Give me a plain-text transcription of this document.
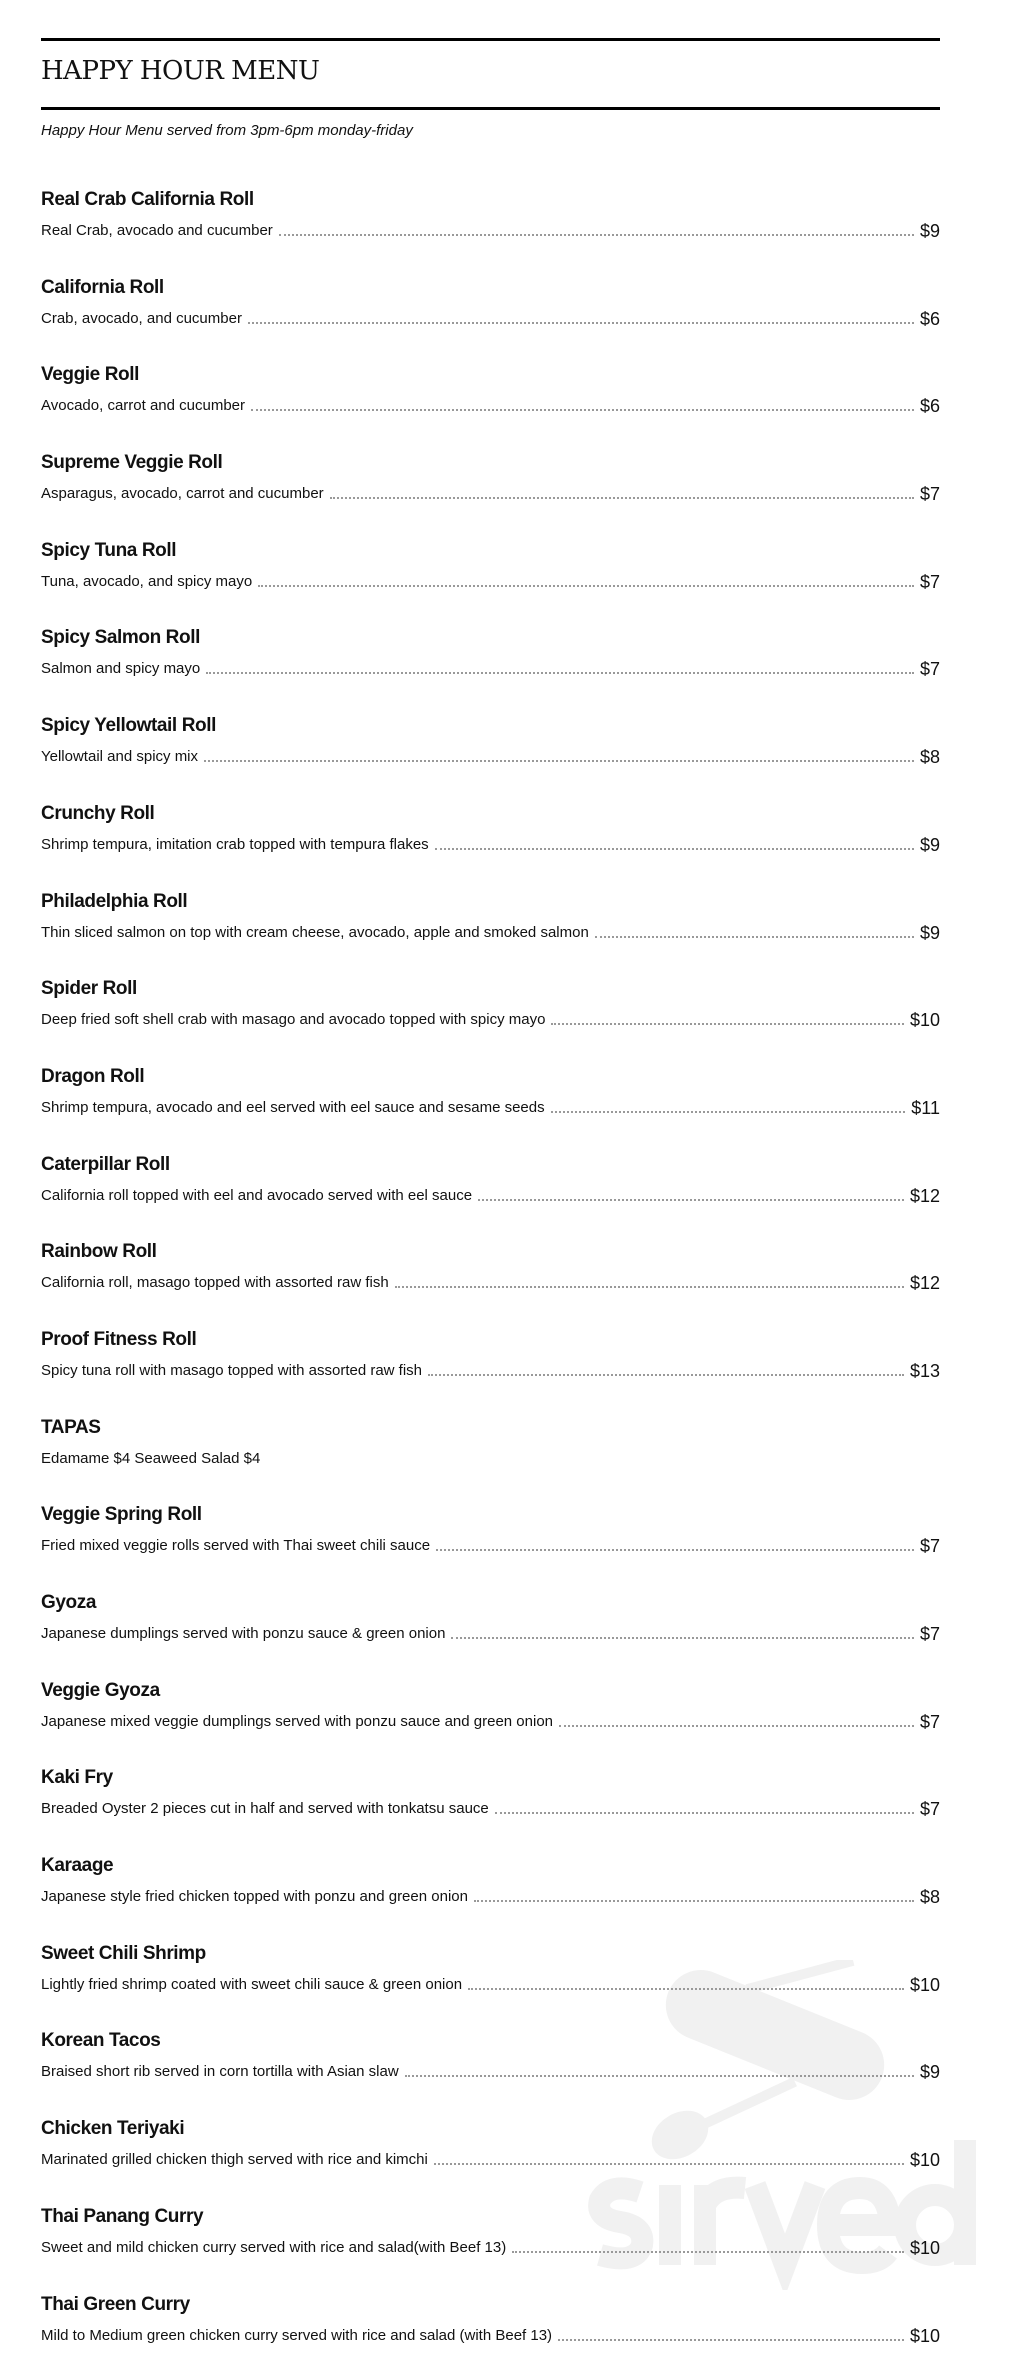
HAPPY HOUR MENU
Happy Hour Menu served from 3pm-6pm monday-friday
Real Crab California Roll
Real Crab, avocado and cucumber	$9
California Roll
Crab, avocado, and cucumber	$6
Veggie Roll
Avocado, carrot and cucumber	$6
Supreme Veggie Roll
Asparagus, avocado, carrot and cucumber	$7
Spicy Tuna Roll
Tuna, avocado, and spicy mayo	$7
Spicy Salmon Roll
Salmon and spicy mayo	$7
Spicy Yellowtail Roll
Yellowtail and spicy mix	$8
Crunchy Roll
Shrimp tempura, imitation crab topped with tempura flakes	$9
Philadelphia Roll
Thin sliced salmon on top with cream cheese, avocado, apple and smoked salmon	$9
Spider Roll
Deep fried soft shell crab with masago and avocado topped with spicy mayo	$10
Dragon Roll
Shrimp tempura, avocado and eel served with eel sauce and sesame seeds	$11
Caterpillar Roll
California roll topped with eel and avocado served with eel sauce	$12
Rainbow Roll
California roll, masago topped with assorted raw fish	$12
Proof Fitness Roll
Spicy tuna roll with masago topped with assorted raw fish	$13
TAPAS
Edamame $4 Seaweed Salad $4
Veggie Spring Roll
Fried mixed veggie rolls served with Thai sweet chili sauce	$7
Gyoza
Japanese dumplings served with ponzu sauce & green onion	$7
Veggie Gyoza
Japanese mixed veggie dumplings served with ponzu sauce and green onion	$7
Kaki Fry
Breaded Oyster 2 pieces cut in half and served with tonkatsu sauce	$7
Karaage
Japanese style fried chicken topped with ponzu and green onion	$8
Sweet Chili Shrimp
Lightly fried shrimp coated with sweet chili sauce & green onion	$10
Korean Tacos
Braised short rib served in corn tortilla with Asian slaw	$9
Chicken Teriyaki
Marinated grilled chicken thigh served with rice and kimchi	$10
Thai Panang Curry
Sweet and mild chicken curry served with rice and salad(with Beef 13)	$10
Thai Green Curry
Mild to Medium green chicken curry served with rice and salad (with Beef 13)	$10
